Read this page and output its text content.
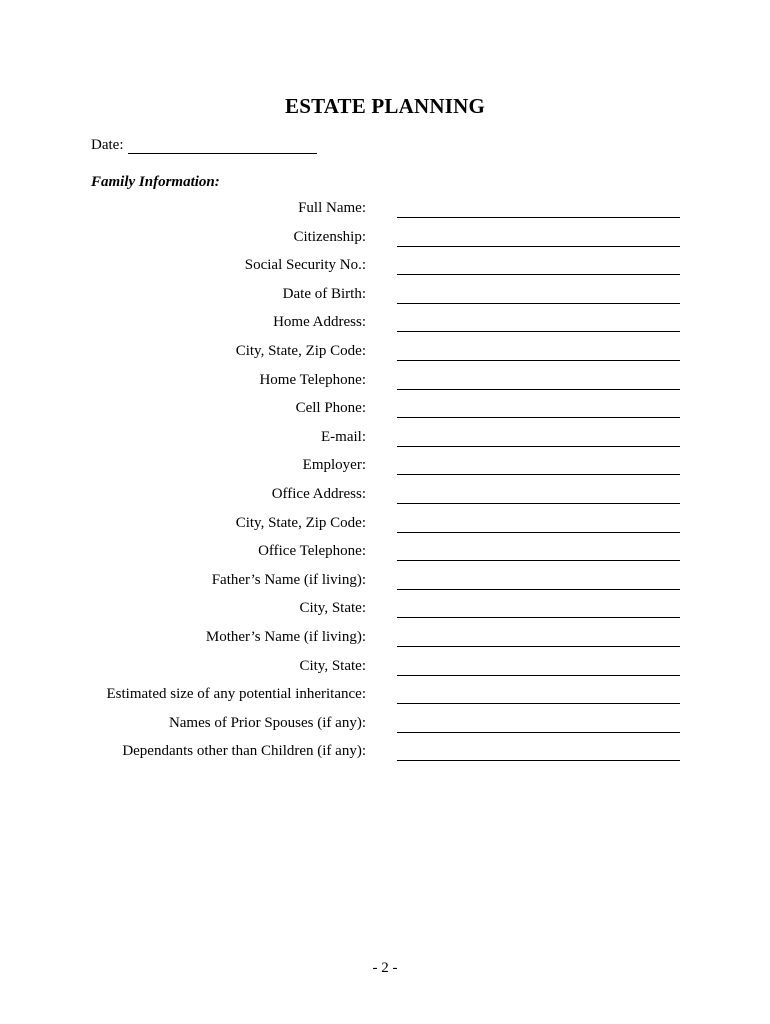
ESTATE PLANNING
Date:
Family Information:
Full Name:
Citizenship:
Social Security No.:
Date of Birth:
Home Address:
City, State, Zip Code:
Home Telephone:
Cell Phone:
E-mail:
Employer:
Office Address:
City, State, Zip Code:
Office Telephone:
Father’s Name (if living):
City, State:
Mother’s Name (if living):
City, State:
Estimated size of any potential inheritance:
Names of Prior Spouses (if any):
Dependants other than Children (if any):
- 2 -
